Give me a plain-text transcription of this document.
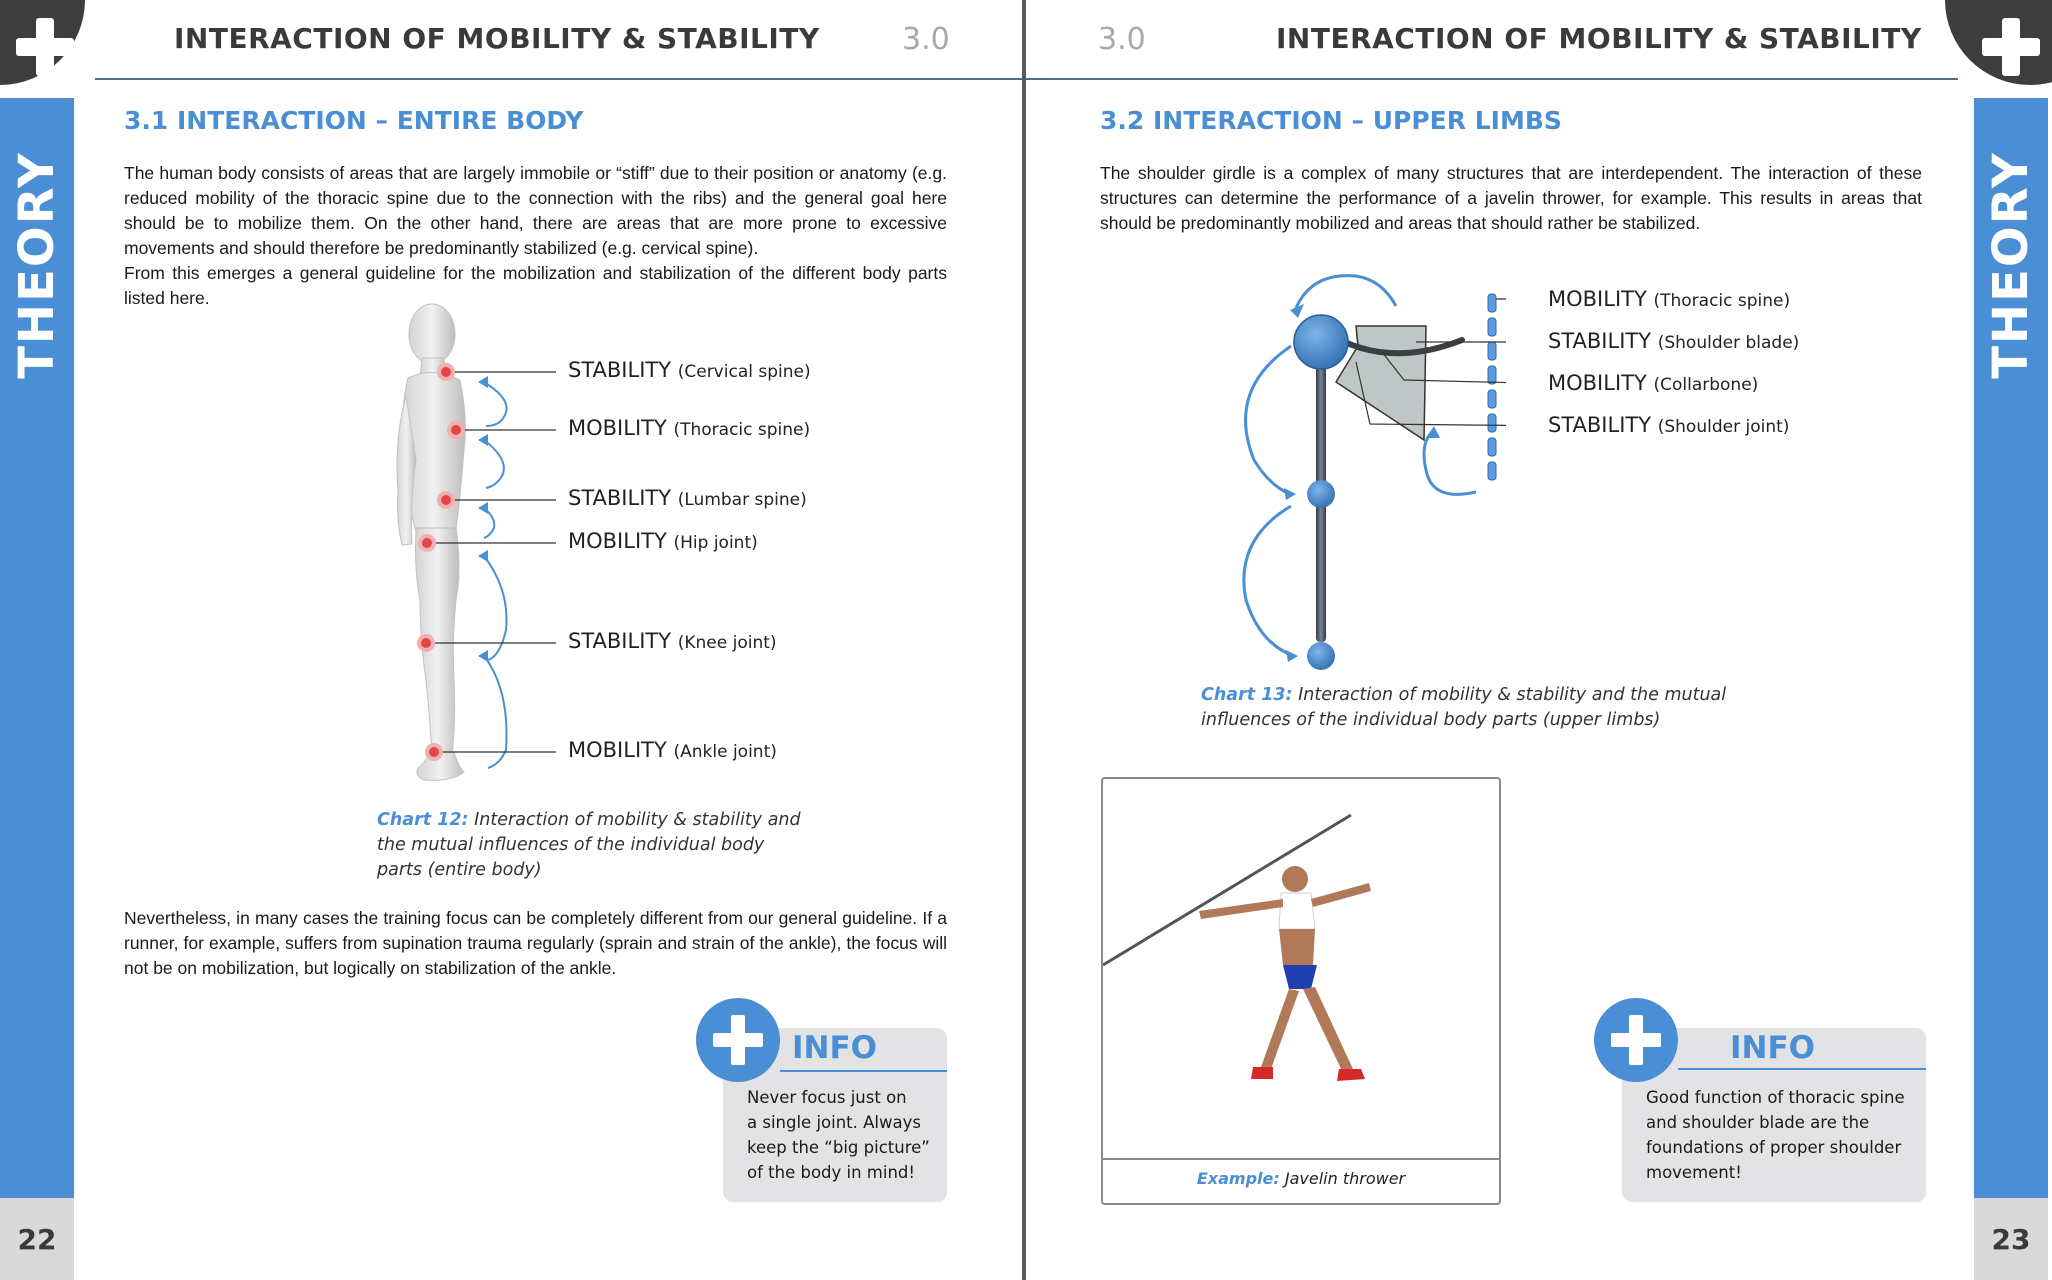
THEORY
22
INTERACTION OF MOBILITY & STABILITY	3.0
3.1 INTERACTION – ENTIRE BODY

The human body consists of areas that are largely immobile or “stiff” due to their position or anatomy (e.g. reduced mobility of the thoracic spine due to the connection with the ribs) and the general goal here should be to mobilize them. On the other hand, there are areas that are more prone to excessive movements and should therefore be predominantly stabilized (e.g. cervical spine).

From this emerges a general guideline for the mobilization and stabilization of the different body parts listed here.

STABILITY (Cervical spine)
MOBILITY (Thoracic spine)
STABILITY (Lumbar spine)
MOBILITY (Hip joint)
STABILITY (Knee joint)
MOBILITY (Ankle joint)
Chart 12: Interaction of mobility & stability and
the mutual influences of the individual body
parts (entire body)
Nevertheless, in many cases the training focus can be completely different from our general guideline. If a runner, for example, suffers from supination trauma regularly (sprain and strain of the ankle), the focus will not be on mobilization, but logically on stabilization of the ankle.
INFO
Never focus just on
a single joint. Always
keep the “big picture”
of the body in mind!
THEORY
23
3.0	INTERACTION OF MOBILITY & STABILITY
3.2 INTERACTION – UPPER LIMBS
The shoulder girdle is a complex of many structures that are interdependent. The interaction of these structures can determine the performance of a javelin thrower, for example. This results in areas that should be predominantly mobilized and areas that should rather be stabilized.
MOBILITY (Thoracic spine)
STABILITY (Shoulder blade)
MOBILITY (Collarbone)
STABILITY (Shoulder joint)
Chart 13: Interaction of mobility & stability and the mutual
influences of the individual body parts (upper limbs)
Example: Javelin thrower
INFO
Good function of thoracic spine
and shoulder blade are the
foundations of proper shoulder
movement!
